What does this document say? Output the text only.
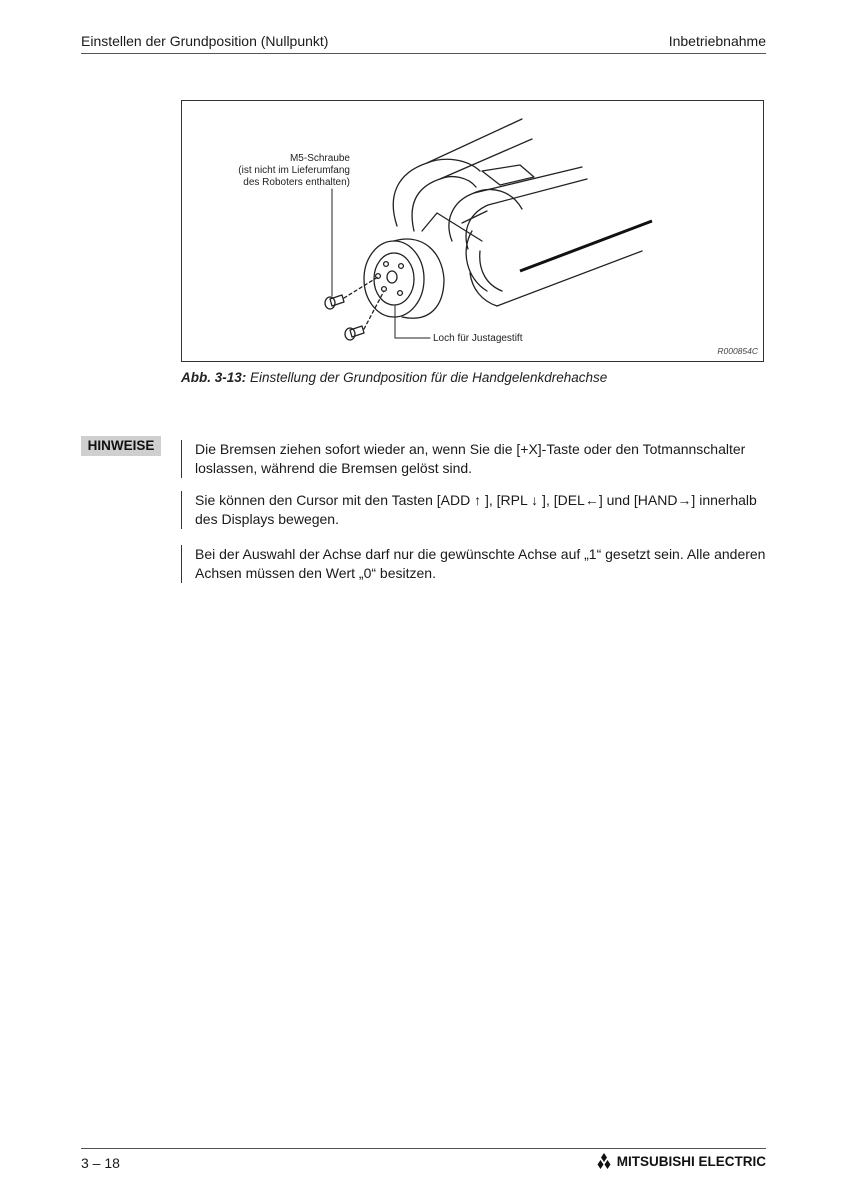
Einstellen der Grundposition (Nullpunkt)	Inbetriebnahme
M5-Schraube
(ist nicht im Lieferumfang
des Roboters enthalten)
Loch für Justagestift
R000854C
Abb. 3-13: Einstellung der Grundposition für die Handgelenkdrehachse
HINWEISE	Die Bremsen ziehen sofort wieder an, wenn Sie die [+X]-Taste oder den Totmannschalter loslassen, während die Bremsen gelöst sind.
Sie können den Cursor mit den Tasten [ADD ↑ ], [RPL ↓ ], [DEL←] und [HAND→] innerhalb des Displays bewegen.
Bei der Auswahl der Achse darf nur die gewünschte Achse auf „1“ gesetzt sein. Alle anderen Achsen müssen den Wert „0“ besitzen.
3 – 18	MITSUBISHI ELECTRIC
